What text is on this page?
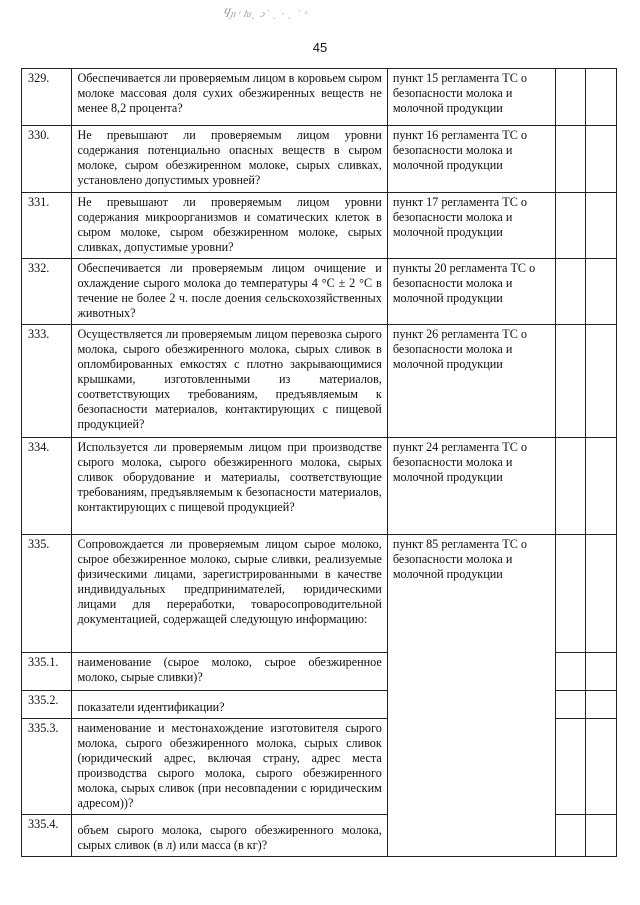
Ⴗɲ ͬ ƕ˛ ɔˊ ͵ · ˎ ˙ ᵛ
45
329.	Обеспечивается ли проверяемым лицом в коровьем сыром молоке массовая доля сухих обезжиренных веществ не менее 8,2 процента?	пункт 15 регламента ТС о безопасности молока и молочной продукции		
330.	Не превышают ли проверяемым лицом уровни содержания потенциально опасных веществ в сыром молоке, сыром обезжиренном молоке, сырых сливках, установлено допустимых уровней?	пункт 16 регламента ТС о безопасности молока и молочной продукции		
331.	Не превышают ли проверяемым лицом уровни содержания микроорганизмов и соматических клеток в сыром молоке, сыром обезжиренном молоке, сырых сливках, допустимые уровни?	пункт 17 регламента ТС о безопасности молока и молочной продукции		
332.	Обеспечивается ли проверяемым лицом очищение и охлаждение сырого молока до температуры 4 °C ± 2 °C в течение не более 2 ч. после доения сельскохозяйственных животных?	пункты 20 регламента ТС о безопасности молока и молочной продукции		
333.	Осуществляется ли проверяемым лицом перевозка сырого молока, сырого обезжиренного молока, сырых сливок в опломбированных емкостях с плотно закрывающимися крышками, изготовленными из материалов, соответствующих требованиям, предъявляемым к безопасности материалов, контактирующих с пищевой продукцией?	пункт 26 регламента ТС о безопасности молока и молочной продукции		
334.	Используется ли проверяемым лицом при производстве сырого молока, сырого обезжиренного молока, сырых сливок оборудование и материалы, соответствующие требованиям, предъявляемым к безопасности материалов, контактирующих с пищевой продукцией?	пункт 24 регламента ТС о безопасности молока и молочной продукции		
335.	Сопровождается ли проверяемым лицом сырое молоко, сырое обезжиренное молоко, сырые сливки, реализуемые физическими лицами, зарегистрированными в качестве индивидуальных предпринимателей, юридическими лицами для переработки, товаросопроводительной документацией, содержащей следующую информацию:	пункт 85 регламента ТС о безопасности молока и молочной продукции		
335.1.	наименование (сырое молоко, сырое обезжиренное молоко, сырые сливки)?			
335.2.	показатели идентификации?			
335.3.	наименование и местонахождение изготовителя сырого молока, сырого обезжиренного молока, сырых сливок (юридический адрес, включая страну, адрес места производства сырого молока, сырого обезжиренного молока, сырых сливок (при несовпадении с юридическим адресом))?			
335.4.	объем сырого молока, сырого обезжиренного молока, сырых сливок (в л) или масса (в кг)?			
